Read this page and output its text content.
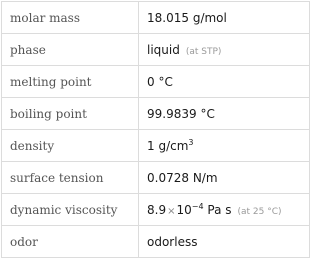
molar mass	18.015 g/mol
phase	liquid (at STP)
melting point	0 °C
boiling point	99.9839 °C
density	1 $g/cm^3$
surface tension	0.0728 N/m
dynamic viscosity	$8.9\times 10^{-4}$ Pa s (at 25 °C)
odor	odorless
